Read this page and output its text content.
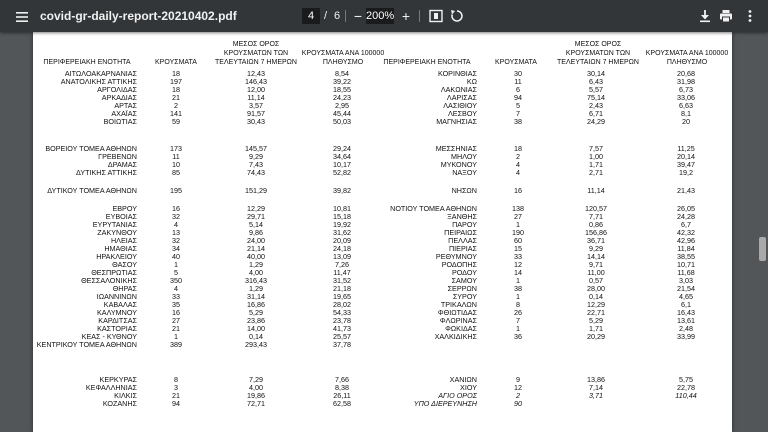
covid-gr-daily-report-20210402.pdf	4 / 6 − 200% +
ΠΕΡΙΦΕΡΕΙΑΚΗ ΕΝΟΤΗΤΑ	ΚΡΟΥΣΜΑΤΑ
ΜΕΣΟΣ ΟΡΟΣ
ΚΡΟΥΣΜΑΤΩΝ ΤΩΝ
ΤΕΛΕΥΤΑΙΩΝ 7 ΗΜΕΡΩΝ
ΚΡΟΥΣΜΑΤΑ ΑΝΑ 100000
ΠΛΗΘΥΣΜΟ	ΠΕΡΙΦΕΡΕΙΑΚΗ ΕΝΟΤΗΤΑ	ΚΡΟΥΣΜΑΤΑ
ΜΕΣΟΣ ΟΡΟΣ
ΚΡΟΥΣΜΑΤΩΝ ΤΩΝ
ΤΕΛΕΥΤΑΙΩΝ 7 ΗΜΕΡΩΝ
ΚΡΟΥΣΜΑΤΑ ΑΝΑ 100000
ΠΛΗΘΥΣΜΟ
ΑΙΤΩΛΟΑΚΑΡΝΑΝΙΑΣ	18	12,43	8,54
ΑΝΑΤΟΛΙΚΗΣ ΑΤΤΙΚΗΣ	197	146,43	39,22
ΑΡΓΟΛΙΔΑΣ	18	12,00	18,55
ΑΡΚΑΔΙΑΣ	21	11,14	24,23
ΑΡΤΑΣ	2	3,57	2,95
ΑΧΑΪΑΣ	141	91,57	45,44
ΒΟΙΩΤΙΑΣ	59	30,43	50,03
ΒΟΡΕΙΟΥ ΤΟΜΕΑ ΑΘΗΝΩΝ	173	145,57	29,24
ΓΡΕΒΕΝΩΝ	11	9,29	34,64
ΔΡΑΜΑΣ	10	7,43	10,17
ΔΥΤΙΚΗΣ ΑΤΤΙΚΗΣ	85	74,43	52,82
ΔΥΤΙΚΟΥ ΤΟΜΕΑ ΑΘΗΝΩΝ	195	151,29	39,82
ΕΒΡΟΥ	16	12,29	10,81
ΕΥΒΟΙΑΣ	32	29,71	15,18
ΕΥΡΥΤΑΝΙΑΣ	4	5,14	19,92
ΖΑΚΥΝΘΟΥ	13	9,86	31,62
ΗΛΕΙΑΣ	32	24,00	20,09
ΗΜΑΘΙΑΣ	34	21,14	24,18
ΗΡΑΚΛΕΙΟΥ	40	40,00	13,09
ΘΑΣΟΥ	1	1,29	7,26
ΘΕΣΠΡΩΤΙΑΣ	5	4,00	11,47
ΘΕΣΣΑΛΟΝΙΚΗΣ	350	316,43	31,52
ΘΗΡΑΣ	4	1,29	21,18
ΙΩΑΝΝΙΝΩΝ	33	31,14	19,65
ΚΑΒΑΛΑΣ	35	16,86	28,02
ΚΑΛΥΜΝΟΥ	16	5,29	54,33
ΚΑΡΔΙΤΣΑΣ	27	23,86	23,78
ΚΑΣΤΟΡΙΑΣ	21	14,00	41,73
ΚΕΑΣ - ΚΥΘΝΟΥ	1	0,14	25,57
ΚΕΝΤΡΙΚΟΥ ΤΟΜΕΑ ΑΘΗΝΩΝ	389	293,43	37,78
ΚΕΡΚΥΡΑΣ	8	7,29	7,66
ΚΕΦΑΛΛΗΝΙΑΣ	3	4,00	8,38
ΚΙΛΚΙΣ	21	19,86	26,11
ΚΟΖΑΝΗΣ	94	72,71	62,58
ΚΟΡΙΝΘΙΑΣ	30	30,14	20,68
ΚΩ	11	6,43	31,98
ΛΑΚΩΝΙΑΣ	6	5,57	6,73
ΛΑΡΙΣΑΣ	94	75,14	33,06
ΛΑΣΙΘΙΟΥ	5	2,43	6,63
ΛΕΣΒΟΥ	7	6,71	8,1
ΜΑΓΝΗΣΙΑΣ	38	24,29	20
ΜΕΣΣΗΝΙΑΣ	18	7,57	11,25
ΜΗΛΟΥ	2	1,00	20,14
ΜΥΚΟΝΟΥ	4	1,71	39,47
ΝΑΞΟΥ	4	2,71	19,2
ΝΗΣΩΝ	16	11,14	21,43
ΝΟΤΙΟΥ ΤΟΜΕΑ ΑΘΗΝΩΝ	138	120,57	26,05
ΞΑΝΘΗΣ	27	7,71	24,28
ΠΑΡΟΥ	1	0,86	6,7
ΠΕΙΡΑΙΩΣ	190	156,86	42,32
ΠΕΛΛΑΣ	60	36,71	42,96
ΠΙΕΡΙΑΣ	15	9,29	11,84
ΡΕΘΥΜΝΟΥ	33	14,14	38,55
ΡΟΔΟΠΗΣ	12	9,71	10,71
ΡΟΔΟΥ	14	11,00	11,68
ΣΑΜΟΥ	1	0,57	3,03
ΣΕΡΡΩΝ	38	28,00	21,54
ΣΥΡΟΥ	1	0,14	4,65
ΤΡΙΚΑΛΩΝ	8	12,29	6,1
ΦΘΙΩΤΙΔΑΣ	26	22,71	16,43
ΦΛΩΡΙΝΑΣ	7	5,29	13,61
ΦΩΚΙΔΑΣ	1	1,71	2,48
ΧΑΛΚΙΔΙΚΗΣ	36	20,29	33,99
ΧΑΝΙΩΝ	9	13,86	5,75
ΧΙΟΥ	12	7,14	22,78
ΑΓΙΟ ΟΡΟΣ	2	3,71	110,44
ΥΠΟ ΔΙΕΡΕΥΝΗΣΗ	90
